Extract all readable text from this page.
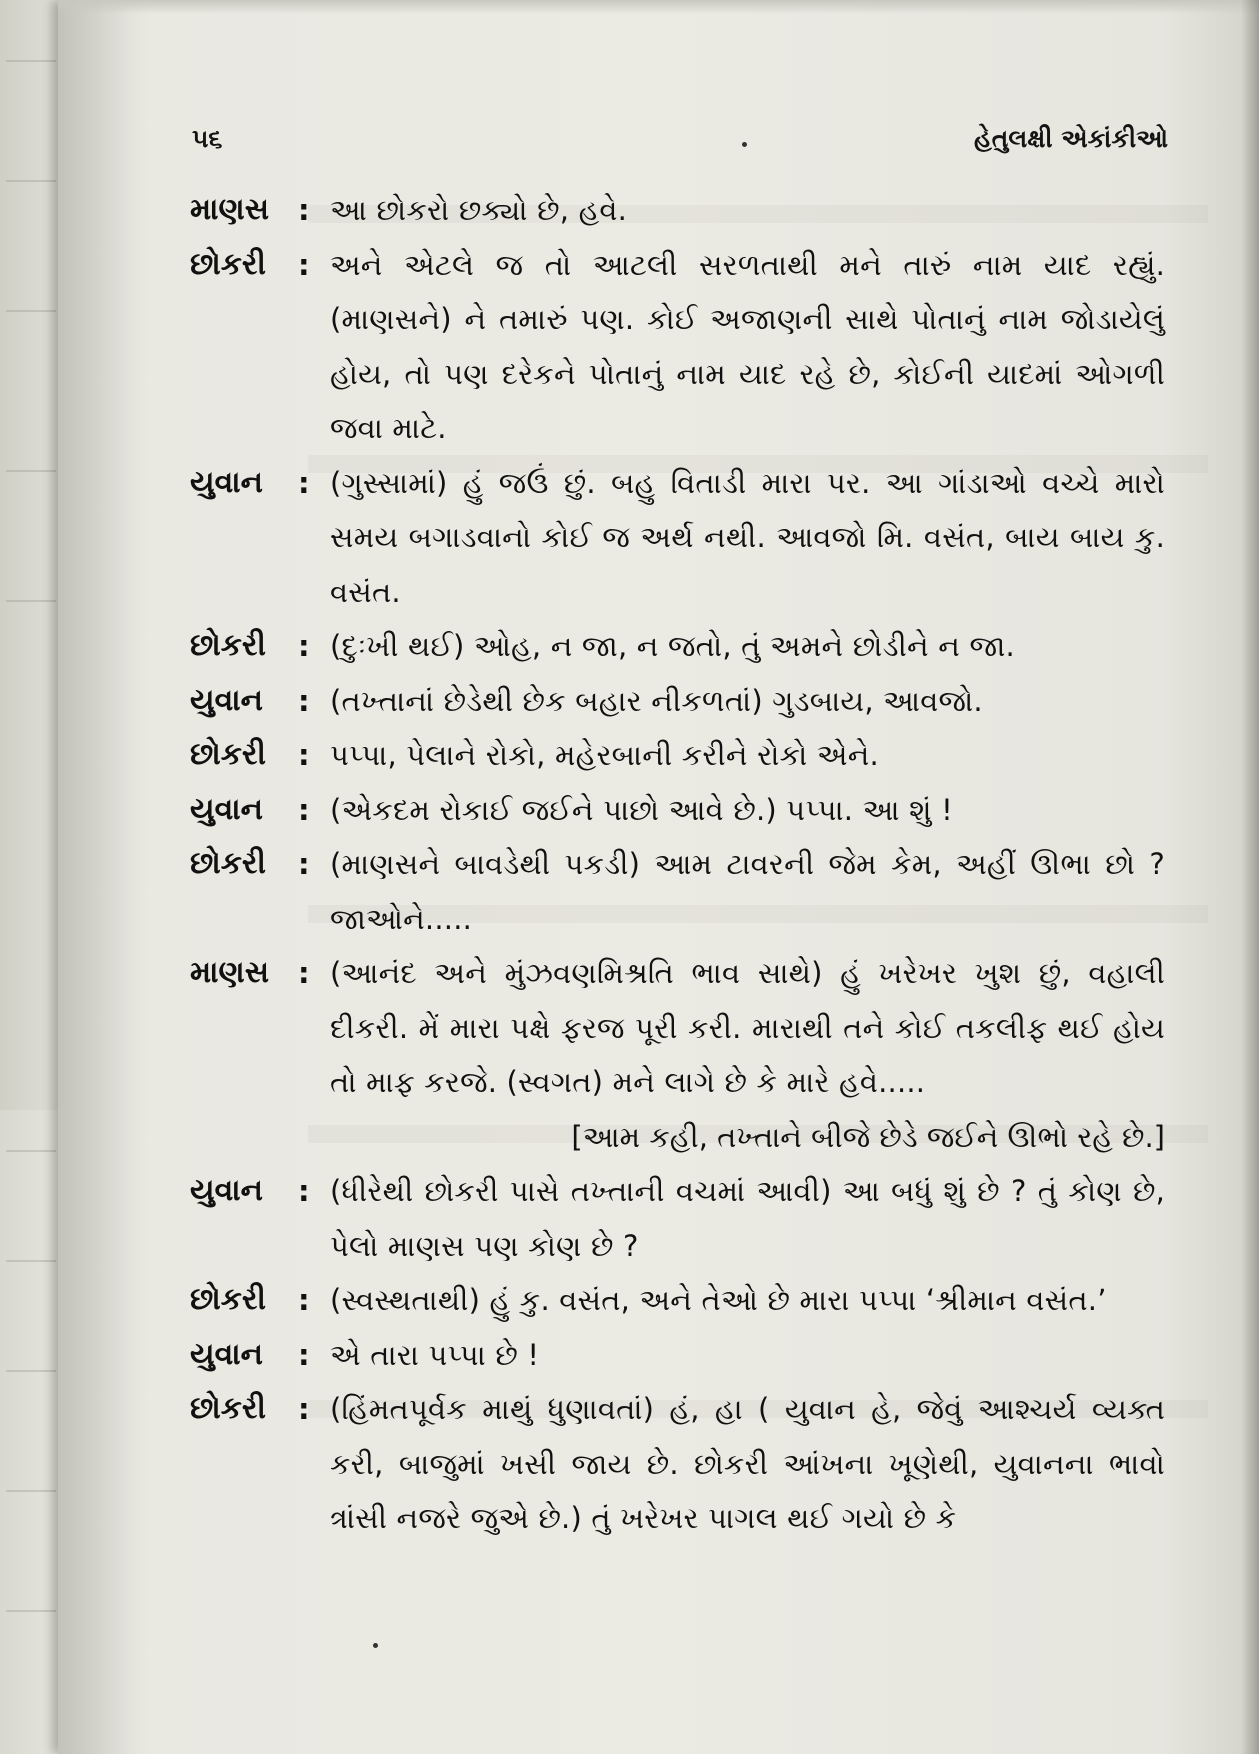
૫૬	હેતુલક્ષી એકાંકીઓ
માણસ	: આ છોકરો છક્યો છે, હવે.
છોકરી	: અને એટલે જ તો આટલી સરળતાથી મને તારું નામ યાદ રહ્યું. (માણસને) ને તમારું પણ. કોઈ અજાણની સાથે પોતાનું નામ જોડાયેલું હોય, તો પણ દરેકને પોતાનું નામ યાદ રહે છે, કોઈની યાદમાં ઓગળી જવા માટે.
યુવાન	: (ગુસ્સામાં) હું જઉં છું. બહુ વિતાડી મારા પર. આ ગાંડાઓ વચ્ચે મારો સમય બગાડવાનો કોઈ જ અર્થ નથી. આવજો મિ. વસંત, બાય બાય કુ. વસંત.
છોકરી	: (દુઃખી થઈ) ઓહ, ન જા, ન જતો, તું અમને છોડીને ન જા.
યુવાન	: (તખ્તાનાં છેડેથી છેક બહાર નીકળતાં) ગુડબાય, આવજો.
છોકરી	: પપ્પા, પેલાને રોકો, મહેરબાની કરીને રોકો એને.
યુવાન	: (એકદમ રોકાઈ જઈને પાછો આવે છે.) પપ્પા. આ શું !
છોકરી	: (માણસને બાવડેથી પકડી) આમ ટાવરની જેમ કેમ, અહીં ઊભા છો ? જાઓને.....
માણસ	: (આનંદ અને મુંઝવણમિશ્રતિ ભાવ સાથે) હું ખરેખર ખુશ છું, વહાલી દીકરી. મેં મારા પક્ષે ફરજ પૂરી કરી. મારાથી તને કોઈ તકલીફ થઈ હોય તો માફ કરજે. (સ્વગત) મને લાગે છે કે મારે હવે.....
[આમ કહી, તખ્તાને બીજે છેડે જઈને ઊભો રહે છે.]
યુવાન	: (ધીરેથી છોકરી પાસે તખ્તાની વચમાં આવી) આ બધું શું છે ? તું કોણ છે, પેલો માણસ પણ કોણ છે ?
છોકરી	: (સ્વસ્થતાથી) હું કુ. વસંત, અને તેઓ છે મારા પપ્પા ‘શ્રીમાન વસંત.’
યુવાન	: એ તારા પપ્પા છે !
છોકરી	: (હિંમતપૂર્વક માથું ધુણાવતાં) હં, હા ( યુવાન હે, જેવું આશ્ચર્ય વ્યક્ત કરી, બાજુમાં ખસી જાય છે. છોકરી આંખના ખૂણેથી, યુવાનના ભાવો ત્રાંસી નજરે જુએ છે.) તું ખરેખર પાગલ થઈ ગયો છે કે
